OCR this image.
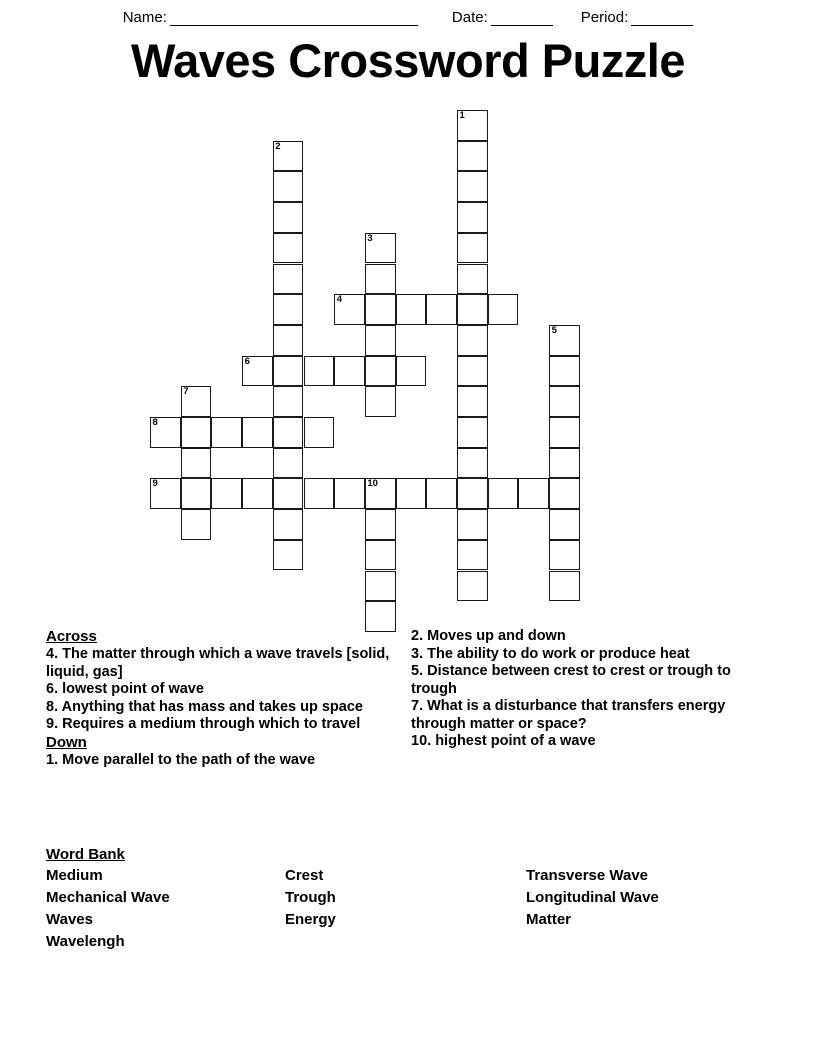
Name:	Date:	Period:
Waves Crossword Puzzle
1
2
3
4
5
6
7
8
9	10
Across

4. The matter through which a wave travels [solid, liquid, gas]

6. lowest point of wave

8. Anything that has mass and takes up space

9. Requires a medium through which to travel

Down

1. Move parallel to the path of the wave

2. Moves up and down

3. The ability to do work or produce heat

5. Distance between crest to crest or trough to trough

7. What is a disturbance that transfers energy through matter or space?

10. highest point of a wave

Word Bank
Medium	Crest	Transverse Wave
Mechanical Wave	Trough	Longitudinal Wave
Waves	Energy	Matter
Wavelengh
